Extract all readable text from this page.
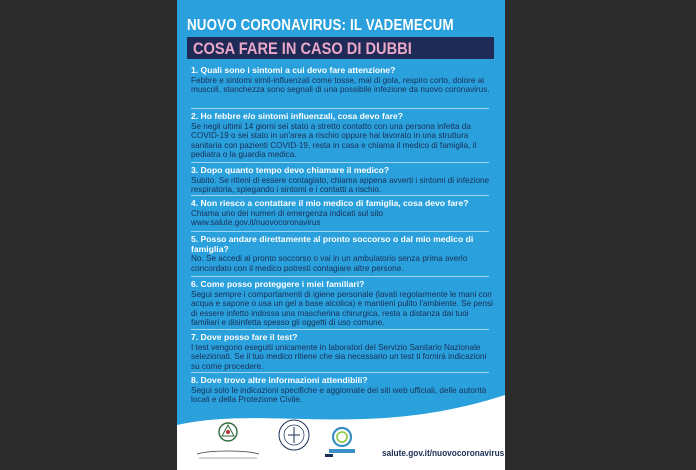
NUOVO CORONAVIRUS: IL VADEMECUM
COSA FARE IN CASO DI DUBBI

1. Quali sono i sintomi a cui devo fare attenzione?

Febbre e sintomi simil-influenzali come tosse, mal di gola, respiro corto, dolore ai muscoli, stanchezza sono segnali di una possibile infezione da nuovo coronavirus.

2. Ho febbre e/o sintomi influenzali, cosa devo fare?

Se negli ultimi 14 giorni sei stato a stretto contatto con una persona infetta da COVID-19 o sei stato in un'area a rischio oppure hai lavorato in una struttura sanitaria con pazienti COVID-19, resta in casa e chiama il medico di famiglia, il pediatra o la guardia medica.

3. Dopo quanto tempo devo chiamare il medico?

Subito. Se ritieni di essere contagiato, chiama appena avverti i sintomi di infezione respiratoria, spiegando i sintomi e i contatti a rischio.

4. Non riesco a contattare il mio medico di famiglia, cosa devo fare?

Chiama uno dei numeri di emergenza indicati sul sito www.salute.gov.it/nuovocoronavirus

5. Posso andare direttamente al pronto soccorso o dal mio medico di famiglia?

No. Se accedi al pronto soccorso o vai in un ambulatorio senza prima averlo concordato con il medico potresti contagiare altre persone.

6. Come posso proteggere i miei familiari?

Segui sempre i comportamenti di igiene personale (lavati regolarmente le mani con acqua e sapone o usa un gel a base alcolica) e mantieni pulito l'ambiente. Se pensi di essere infetto indossa una mascherina chirurgica, resta a distanza dai tuoi familiari e disinfetta spesso gli oggetti di uso comune.

7. Dove posso fare il test?

I test vengono eseguiti unicamente in laboratori del Servizio Sanitario Nazionale selezionati. Se il tuo medico ritiene che sia necessario un test ti fornirà indicazioni su come procedere.

8. Dove trovo altre informazioni attendibili?

Segui solo le indicazioni specifiche e aggiornate dei siti web ufficiali, delle autorità locali e della Protezione Civile.

9 marzo 2020
salute.gov.it/nuovocoronavirus
